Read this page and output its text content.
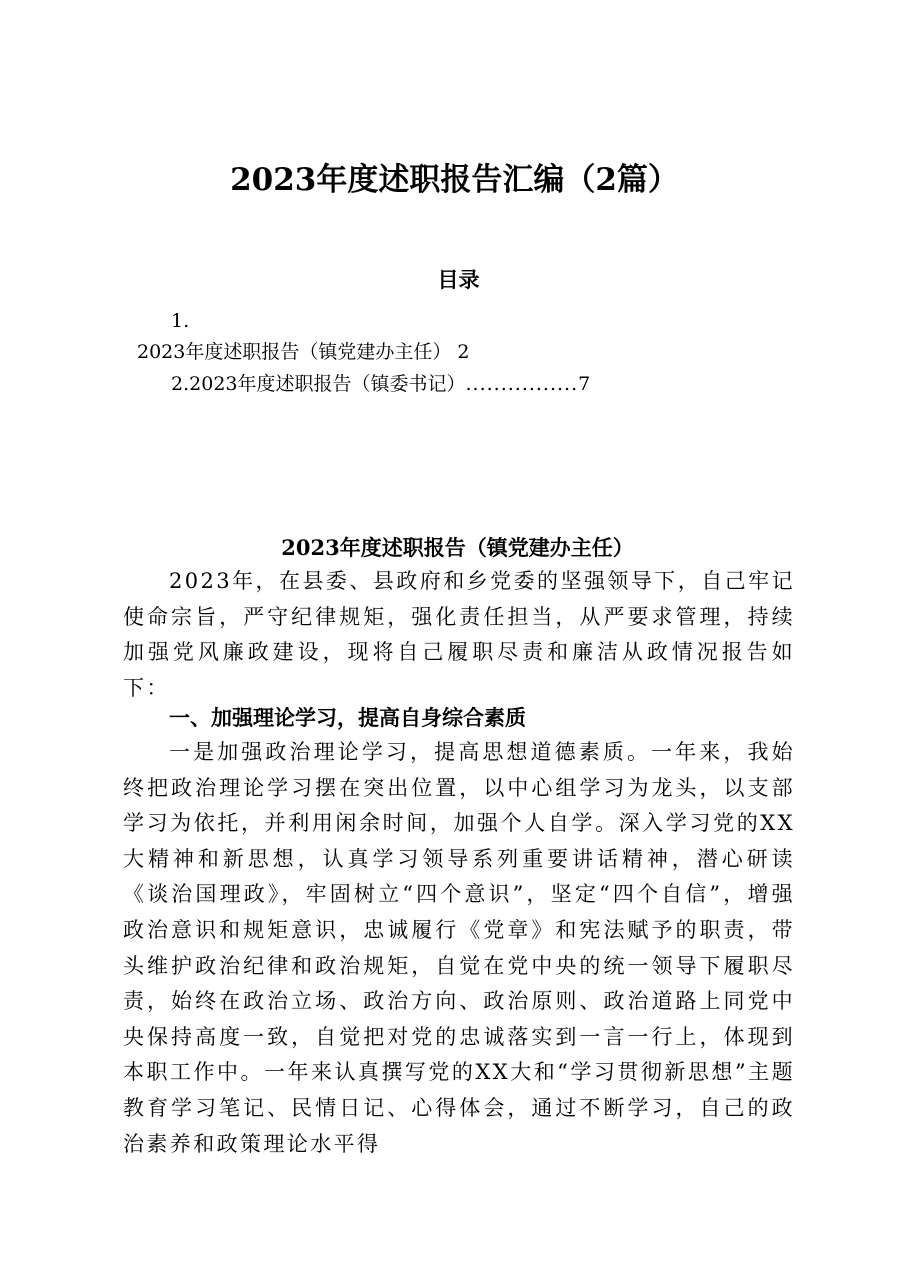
2023年度述职报告汇编（2篇）
目录
1.
2023年度述职报告（镇党建办主任） 2
2.2023年度述职报告（镇委书记）................7
2023年度述职报告（镇党建办主任）

2023年，在县委、县政府和乡党委的坚强领导下，自己牢记使命宗旨，严守纪律规矩，强化责任担当，从严要求管理，持续加强党风廉政建设，现将自己履职尽责和廉洁从政情况报告如下：

一、加强理论学习，提高自身综合素质

一是加强政治理论学习，提高思想道德素质。一年来，我始终把政治理论学习摆在突出位置，以中心组学习为龙头，以支部学习为依托，并利用闲余时间，加强个人自学。深入学习党的XX大精神和新思想，认真学习领导系列重要讲话精神，潜心研读《谈治国理政》，牢固树立“四个意识”，坚定“四个自信”，增强政治意识和规矩意识，忠诚履行《党章》和宪法赋予的职责，带头维护政治纪律和政治规矩，自觉在党中央的统一领导下履职尽责，始终在政治立场、政治方向、政治原则、政治道路上同党中央保持高度一致，自觉把对党的忠诚落实到一言一行上，体现到本职工作中。一年来认真撰写党的XX大和“学习贯彻新思想”主题教育学习笔记、民情日记、心得体会，通过不断学习，自己的政治素养和政策理论水平得
